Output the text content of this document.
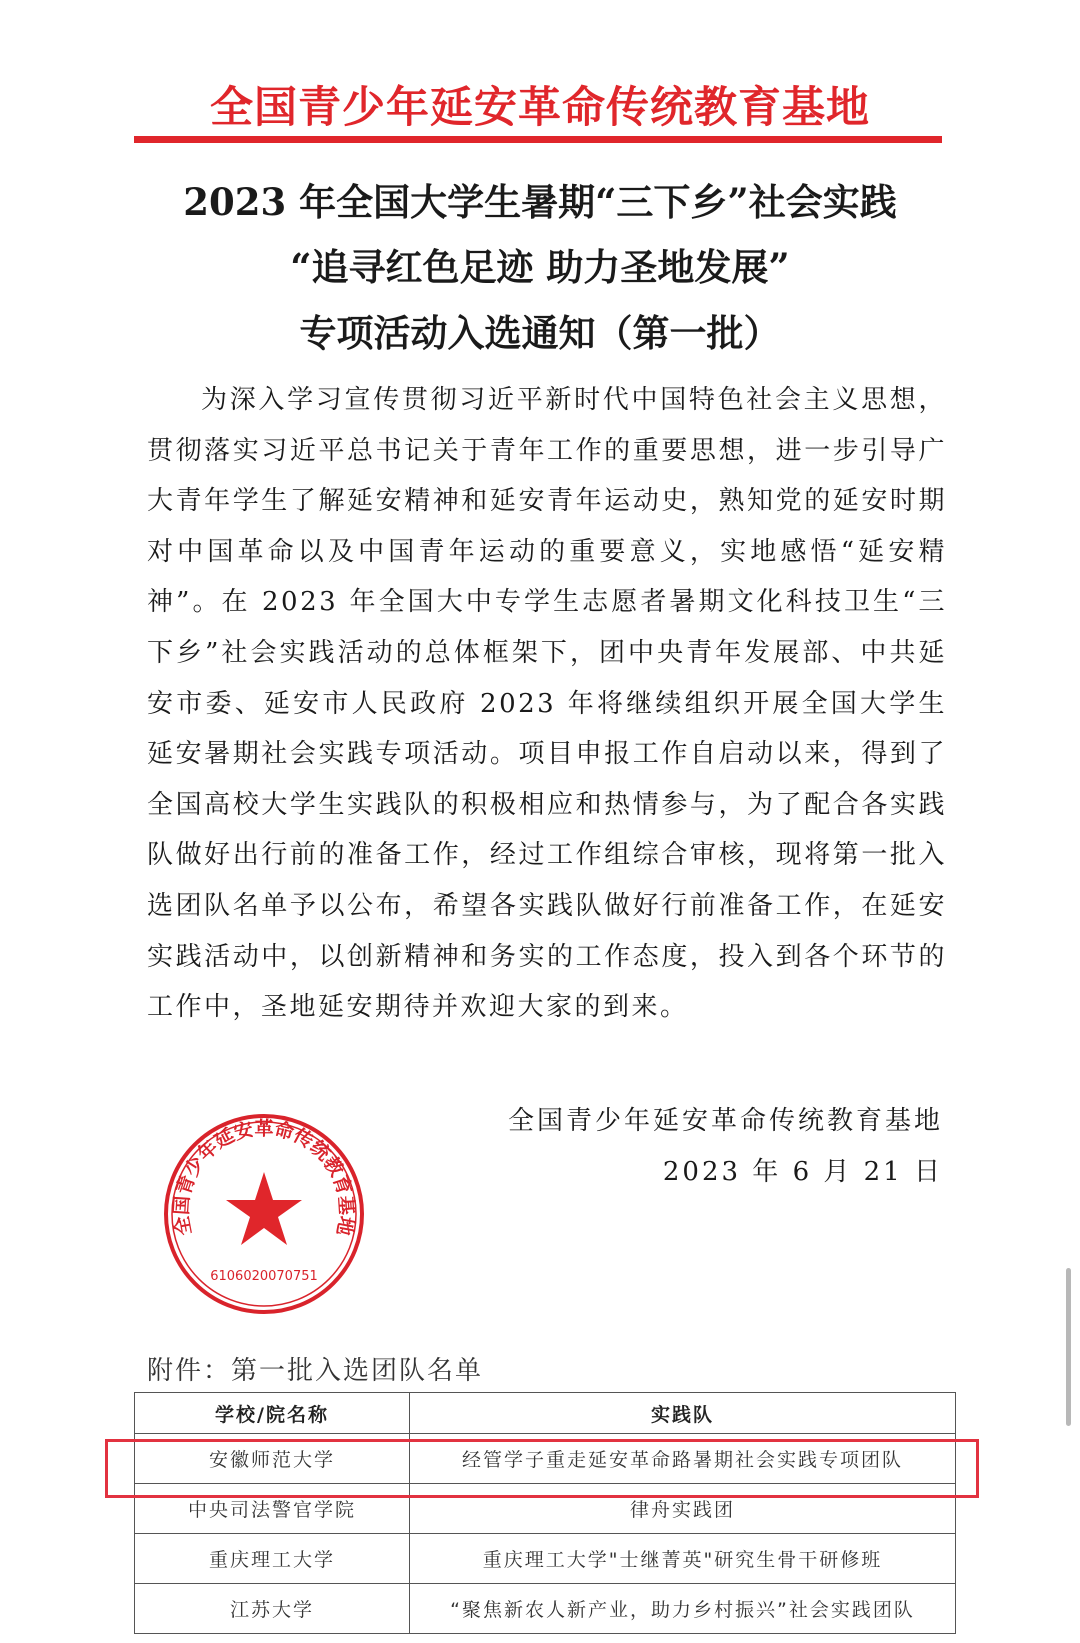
全国青少年延安革命传统教育基地
2023 年全国大学生暑期“三下乡”社会实践
“追寻红色足迹 助力圣地发展”
专项活动入选通知（第一批）

为深入学习宣传贯彻习近平新时代中国特色社会主义思想，贯彻落实习近平总书记关于青年工作的重要思想，进一步引导广大青年学生了解延安精神和延安青年运动史，熟知党的延安时期对中国革命以及中国青年运动的重要意义，实地感悟“延安精神”。在 2023 年全国大中专学生志愿者暑期文化科技卫生“三下乡”社会实践活动的总体框架下，团中央青年发展部、中共延安市委、延安市人民政府 2023 年将继续组织开展全国大学生延安暑期社会实践专项活动。项目申报工作自启动以来，得到了全国高校大学生实践队的积极相应和热情参与，为了配合各实践队做好出行前的准备工作，经过工作组综合审核，现将第一批入选团队名单予以公布，希望各实践队做好行前准备工作，在延安实践活动中，以创新精神和务实的工作态度，投入到各个环节的工作中，圣地延安期待并欢迎大家的到来。

全国青少年延安革命传统教育基地
2023 年 6 月 21 日
全国青少年延安革命传统教育基地
6106020070751
附件：第一批入选团队名单
学校/院名称	实践队
安徽师范大学	经管学子重走延安革命路暑期社会实践专项团队
中央司法警官学院	律舟实践团
重庆理工大学	重庆理工大学"士继菁英"研究生骨干研修班
江苏大学	“聚焦新农人新产业，助力乡村振兴”社会实践团队
